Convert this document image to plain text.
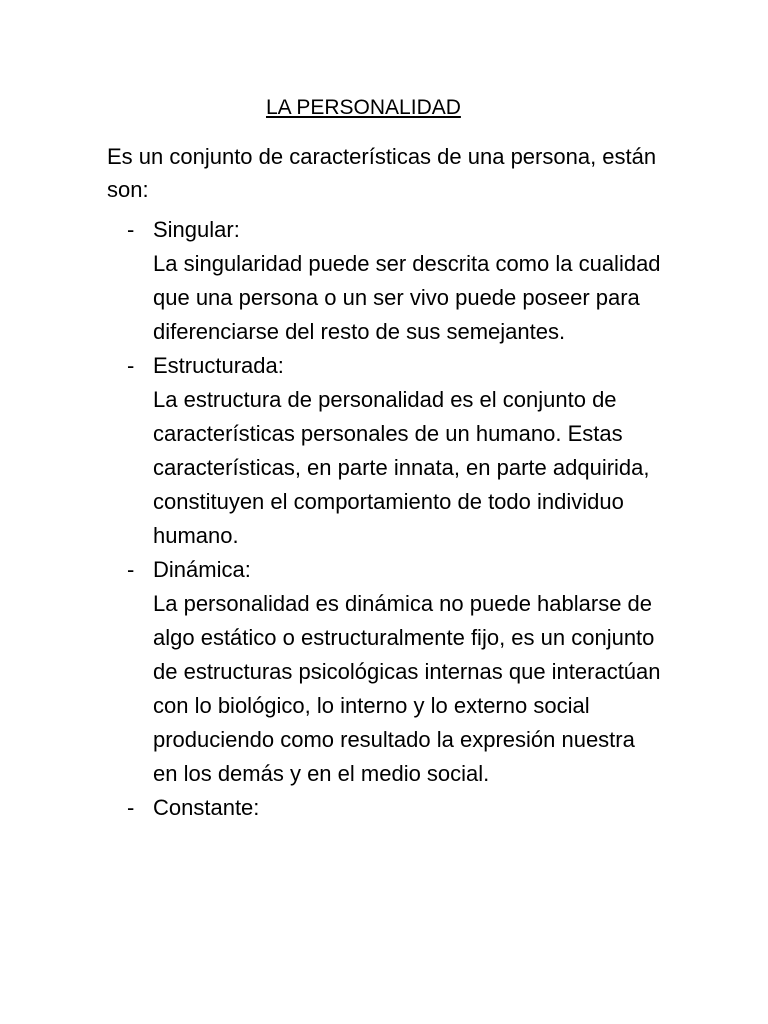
LA PERSONALIDAD

Es un conjunto de características de una persona, están son:

- Singular:

La singularidad puede ser descrita como la cualidad que una persona o un ser vivo puede poseer para diferenciarse del resto de sus semejantes.

- Estructurada:

La estructura de personalidad es el conjunto de características personales de un humano. Estas características, en parte innata, en parte adquirida, constituyen el comportamiento de todo individuo humano.

- Dinámica:

La personalidad es dinámica no puede hablarse de algo estático o estructuralmente fijo, es un conjunto de estructuras psicológicas internas que interactúan con lo biológico, lo interno y lo externo social produciendo como resultado la expresión nuestra en los demás y en el medio social.

- Constante:
